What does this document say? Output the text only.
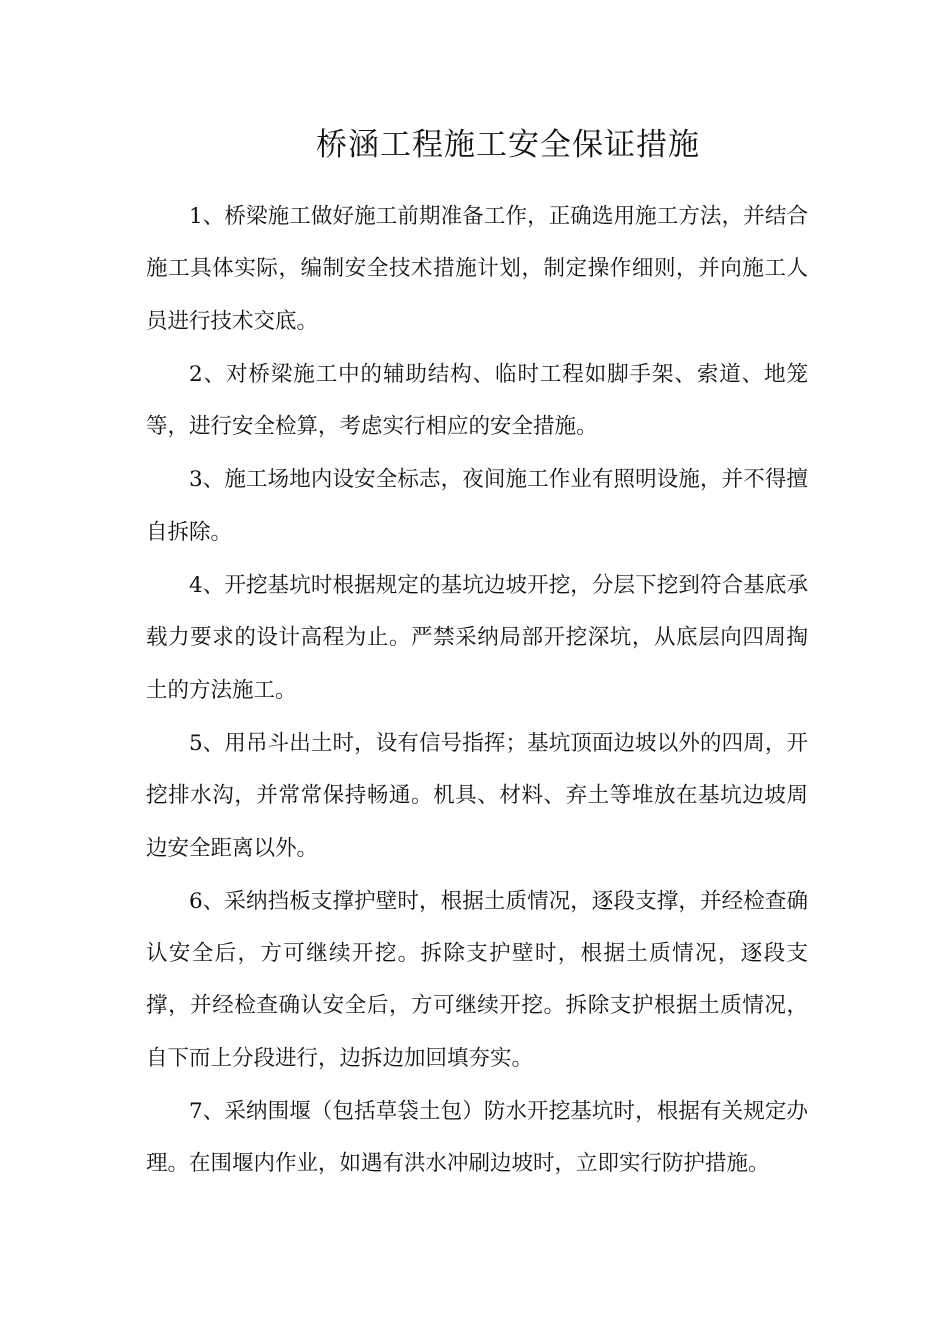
桥涵工程施工安全保证措施

1、桥梁施工做好施工前期准备工作，正确选用施工方法，并结合施工具体实际，编制安全技术措施计划，制定操作细则，并向施工人员进行技术交底。

2、对桥梁施工中的辅助结构、临时工程如脚手架、索道、地笼等，进行安全检算，考虑实行相应的安全措施。

3、施工场地内设安全标志，夜间施工作业有照明设施，并不得擅自拆除。

4、开挖基坑时根据规定的基坑边坡开挖，分层下挖到符合基底承载力要求的设计高程为止。严禁采纳局部开挖深坑，从底层向四周掏土的方法施工。

5、用吊斗出土时，设有信号指挥；基坑顶面边坡以外的四周，开挖排水沟，并常常保持畅通。机具、材料、弃土等堆放在基坑边坡周边安全距离以外。

6、采纳挡板支撑护壁时，根据土质情况，逐段支撑，并经检查确认安全后，方可继续开挖。拆除支护壁时，根据土质情况，逐段支撑，并经检查确认安全后，方可继续开挖。拆除支护根据土质情况，自下而上分段进行，边拆边加回填夯实。

7、采纳围堰（包括草袋土包）防水开挖基坑时，根据有关规定办理。在围堰内作业，如遇有洪水冲刷边坡时，立即实行防护措施。
